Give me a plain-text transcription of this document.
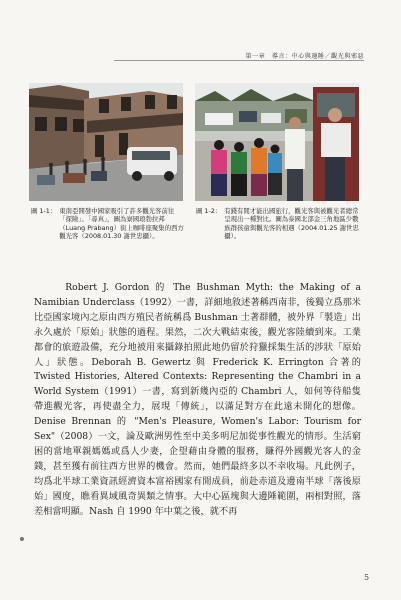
第一章　導言：中心與邊陲／觀光與邪惡
圖 1-1： 東南亞開發中國家吸引了許多觀光客前往「探險」、「尋真」，圖為寮國琅勃拉邦（Luang Prabang）街上咖啡座聚集的西方觀光客（2008.01.30 謝世忠攝）。
圖 1-2： 有錢有閒才能出國旅行，觀光客與被觀光者總常呈現出一種對比。圖為泰國北部金三角地區少數族群孩童與觀光客的相遇（2004.01.25 謝世忠攝）。

Robert J. Gordon 的 The Bushman Myth: the Making of a Namibian Underclass（1992）一書，詳細地敘述著稱西南非，後獨立爲那米比亞國家境內之原由西方殖民者統稱爲 Bushman 土著群體，被外界「製造」出永久處於「原始」狀態的過程。果然，二次大戰結束後，觀光客陸續到來。工業都會的旅遊設備，充分地被用來攝錄拍照此地仍留於狩獵採集生活的涉狀「原始人」狀態。Deborah B. Gewertz 與 Frederick K. Errington 合著的 Twisted Histories, Altered Contexts: Representing the Chambri in a World System（1991）一書，寫到新幾內亞的 Chambri 人，如何等待船隻帶進觀光客，再使盡全力，展現「傳統」，以滿足對方在此遠未開化的想像。Denise Brennan 的 "Men's Pleasure, Women's Labor: Tourism for Sex"（2008）一文，論及歐洲男性至中美多明尼加從事性觀光的情形。生活窮困的當地單親媽媽或爲人少妻，企望藉由身體的服務，賺得外國觀光客人的金錢，甚至獲有前往西方世界的機會。然而，她們最終多以不幸收場。凡此例子，均爲北半球工業資訊經濟資本富裕國家有閒成員，前赴赤道及邊南半球「落後原始」國度，瞧看異域風奇異類之情事。大中心區塊與大邊陲範圍，兩相對照，落差相當明顯。Nash 自 1990 年中葉之後，就不再

5
